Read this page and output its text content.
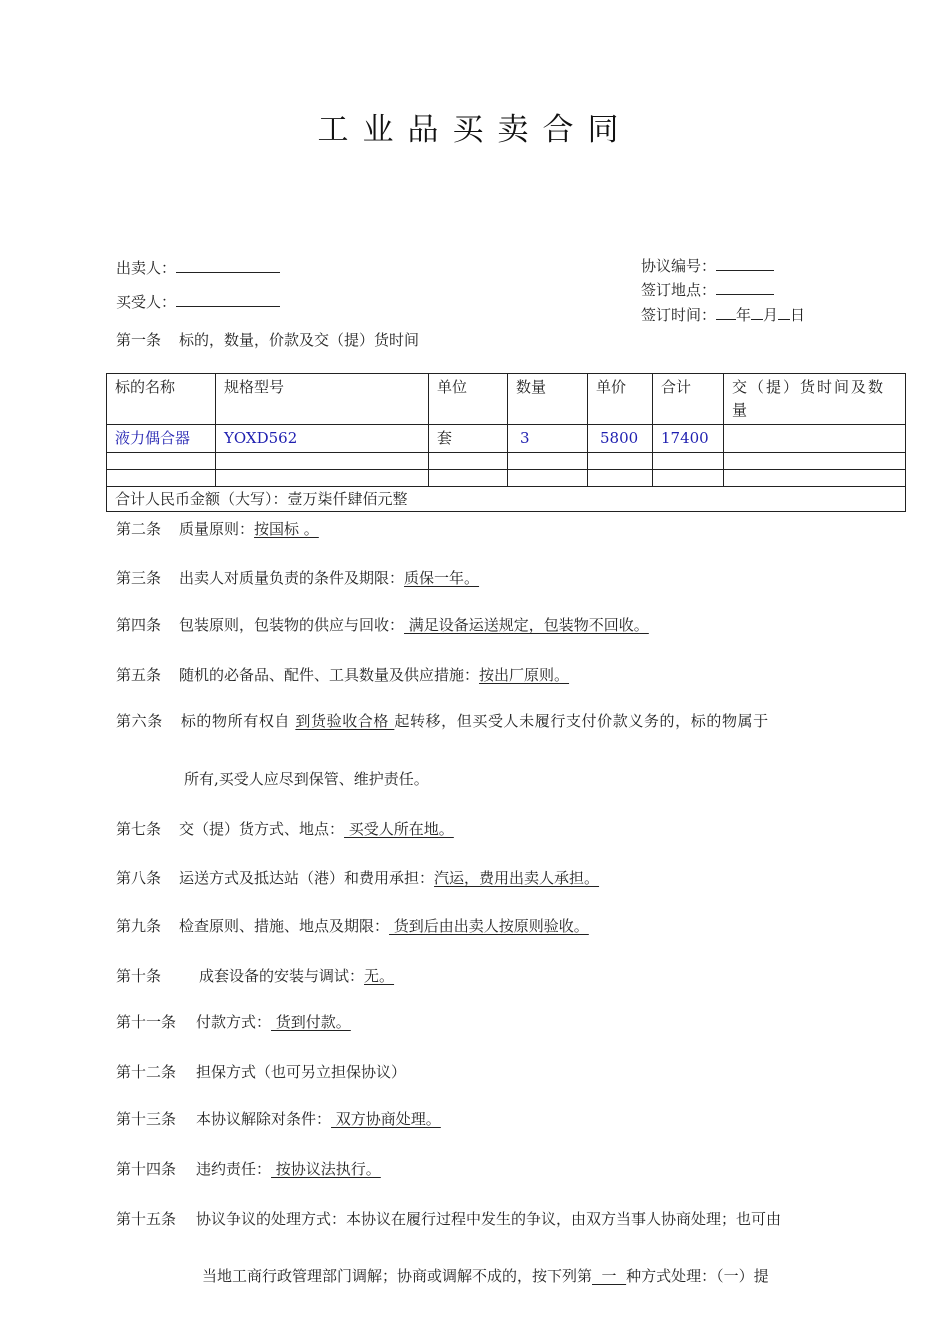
工业品买卖合同
出卖人：
买受人：
协议编号：
签订地点：
签订时间： 年 月 日
第一条 标的，数量，价款及交（提）货时间
标的名称	规格型号	单位	数量	单价	合计	交（提）货时间及数量
液力偶合器	YOXD562	套	3	5800	17400	

合计人民币金额（大写）：壹万柒仟肆佰元整						
第二条 质量原则：按国标 。
第三条 出卖人对质量负责的条件及期限：质保一年。
第四条 包装原则，包装物的供应与回收： 满足设备运送规定，包装物不回收。
第五条 随机的必备品、配件、工具数量及供应措施：按出厂原则。
第六条 标的物所有权自 到货验收合格 起转移，但买受人未履行支付价款义务的，标的物属于
所有,买受人应尽到保管、维护责任。
第七条 交（提）货方式、地点： 买受人所在地。
第八条 运送方式及抵达站（港）和费用承担：汽运，费用出卖人承担。
第九条 检查原则、措施、地点及期限： 货到后由出卖人按原则验收。
第十条	成套设备的安装与调试：无。
第十一条 付款方式： 货到付款。
第十二条 担保方式（也可另立担保协议）
第十三条 本协议解除对条件： 双方协商处理。
第十四条 违约责任： 按协议法执行。
第十五条 协议争议的处理方式：本协议在履行过程中发生的争议，由双方当事人协商处理；也可由
当地工商行政管理部门调解；协商或调解不成的，按下列第  一  种方式处理：（一）提
